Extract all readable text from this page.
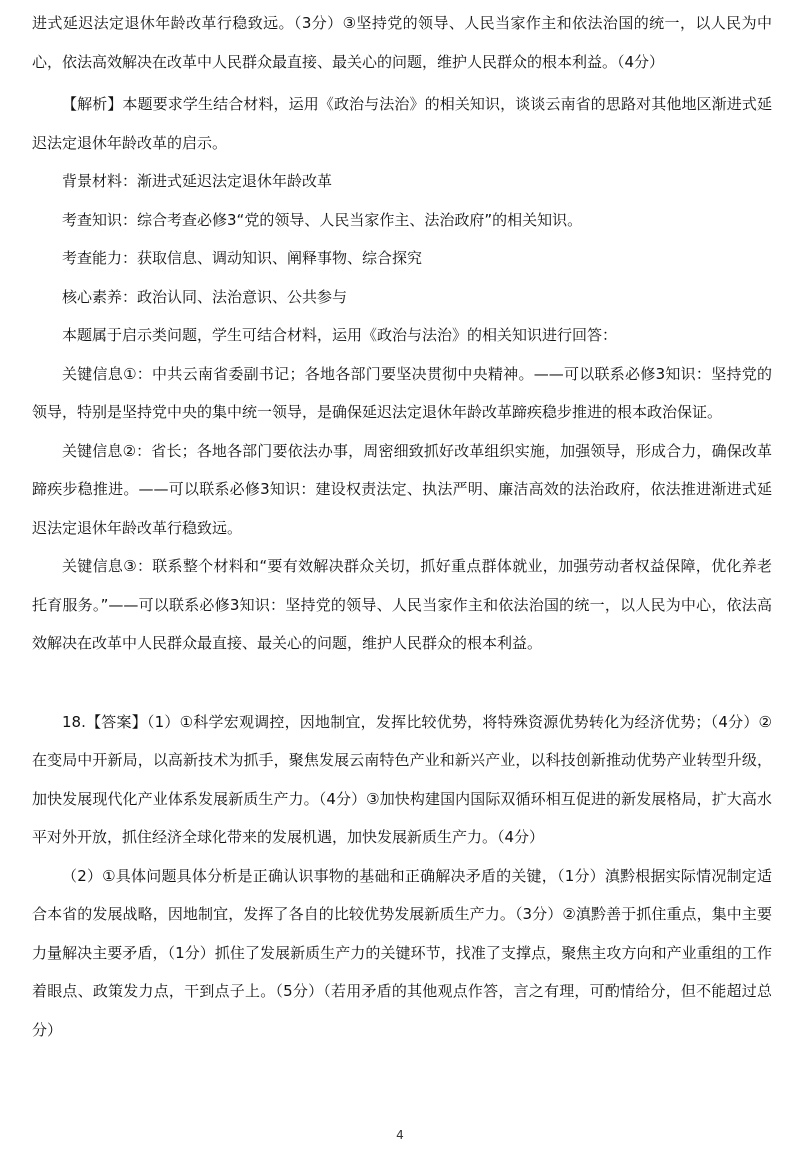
进式延迟法定退休年龄改革行稳致远。（3分）③坚持党的领导、人民当家作主和依法治国的统一，以人民为中心，依法高效解决在改革中人民群众最直接、最关心的问题，维护人民群众的根本利益。（4分）

【解析】本题要求学生结合材料，运用《政治与法治》的相关知识，谈谈云南省的思路对其他地区渐进式延迟法定退休年龄改革的启示。

背景材料：渐进式延迟法定退休年龄改革

考查知识：综合考查必修3“党的领导、人民当家作主、法治政府”的相关知识。

考查能力：获取信息、调动知识、阐释事物、综合探究

核心素养：政治认同、法治意识、公共参与

本题属于启示类问题，学生可结合材料，运用《政治与法治》的相关知识进行回答：

关键信息①：中共云南省委副书记；各地各部门要坚决贯彻中央精神。——可以联系必修3知识：坚持党的领导，特别是坚持党中央的集中统一领导，是确保延迟法定退休年龄改革蹄疾稳步推进的根本政治保证。

关键信息②：省长；各地各部门要依法办事，周密细致抓好改革组织实施，加强领导，形成合力，确保改革蹄疾步稳推进。——可以联系必修3知识：建设权责法定、执法严明、廉洁高效的法治政府，依法推进渐进式延迟法定退休年龄改革行稳致远。

关键信息③：联系整个材料和“要有效解决群众关切，抓好重点群体就业，加强劳动者权益保障，优化养老托育服务。”——可以联系必修3知识：坚持党的领导、人民当家作主和依法治国的统一，以人民为中心，依法高效解决在改革中人民群众最直接、最关心的问题，维护人民群众的根本利益。

18.【答案】（1）①科学宏观调控，因地制宜，发挥比较优势，将特殊资源优势转化为经济优势；（4分）②在变局中开新局，以高新技术为抓手，聚焦发展云南特色产业和新兴产业，以科技创新推动优势产业转型升级，加快发展现代化产业体系发展新质生产力。（4分）③加快构建国内国际双循环相互促进的新发展格局，扩大高水平对外开放，抓住经济全球化带来的发展机遇，加快发展新质生产力。（4分）

（2）①具体问题具体分析是正确认识事物的基础和正确解决矛盾的关键，（1分）滇黔根据实际情况制定适合本省的发展战略，因地制宜，发挥了各自的比较优势发展新质生产力。（3分）②滇黔善于抓住重点，集中主要力量解决主要矛盾，（1分）抓住了发展新质生产力的关键环节，找准了支撑点，聚焦主攻方向和产业重组的工作着眼点、政策发力点，干到点子上。（5分）（若用矛盾的其他观点作答，言之有理，可酌情给分，但不能超过总分）

4
